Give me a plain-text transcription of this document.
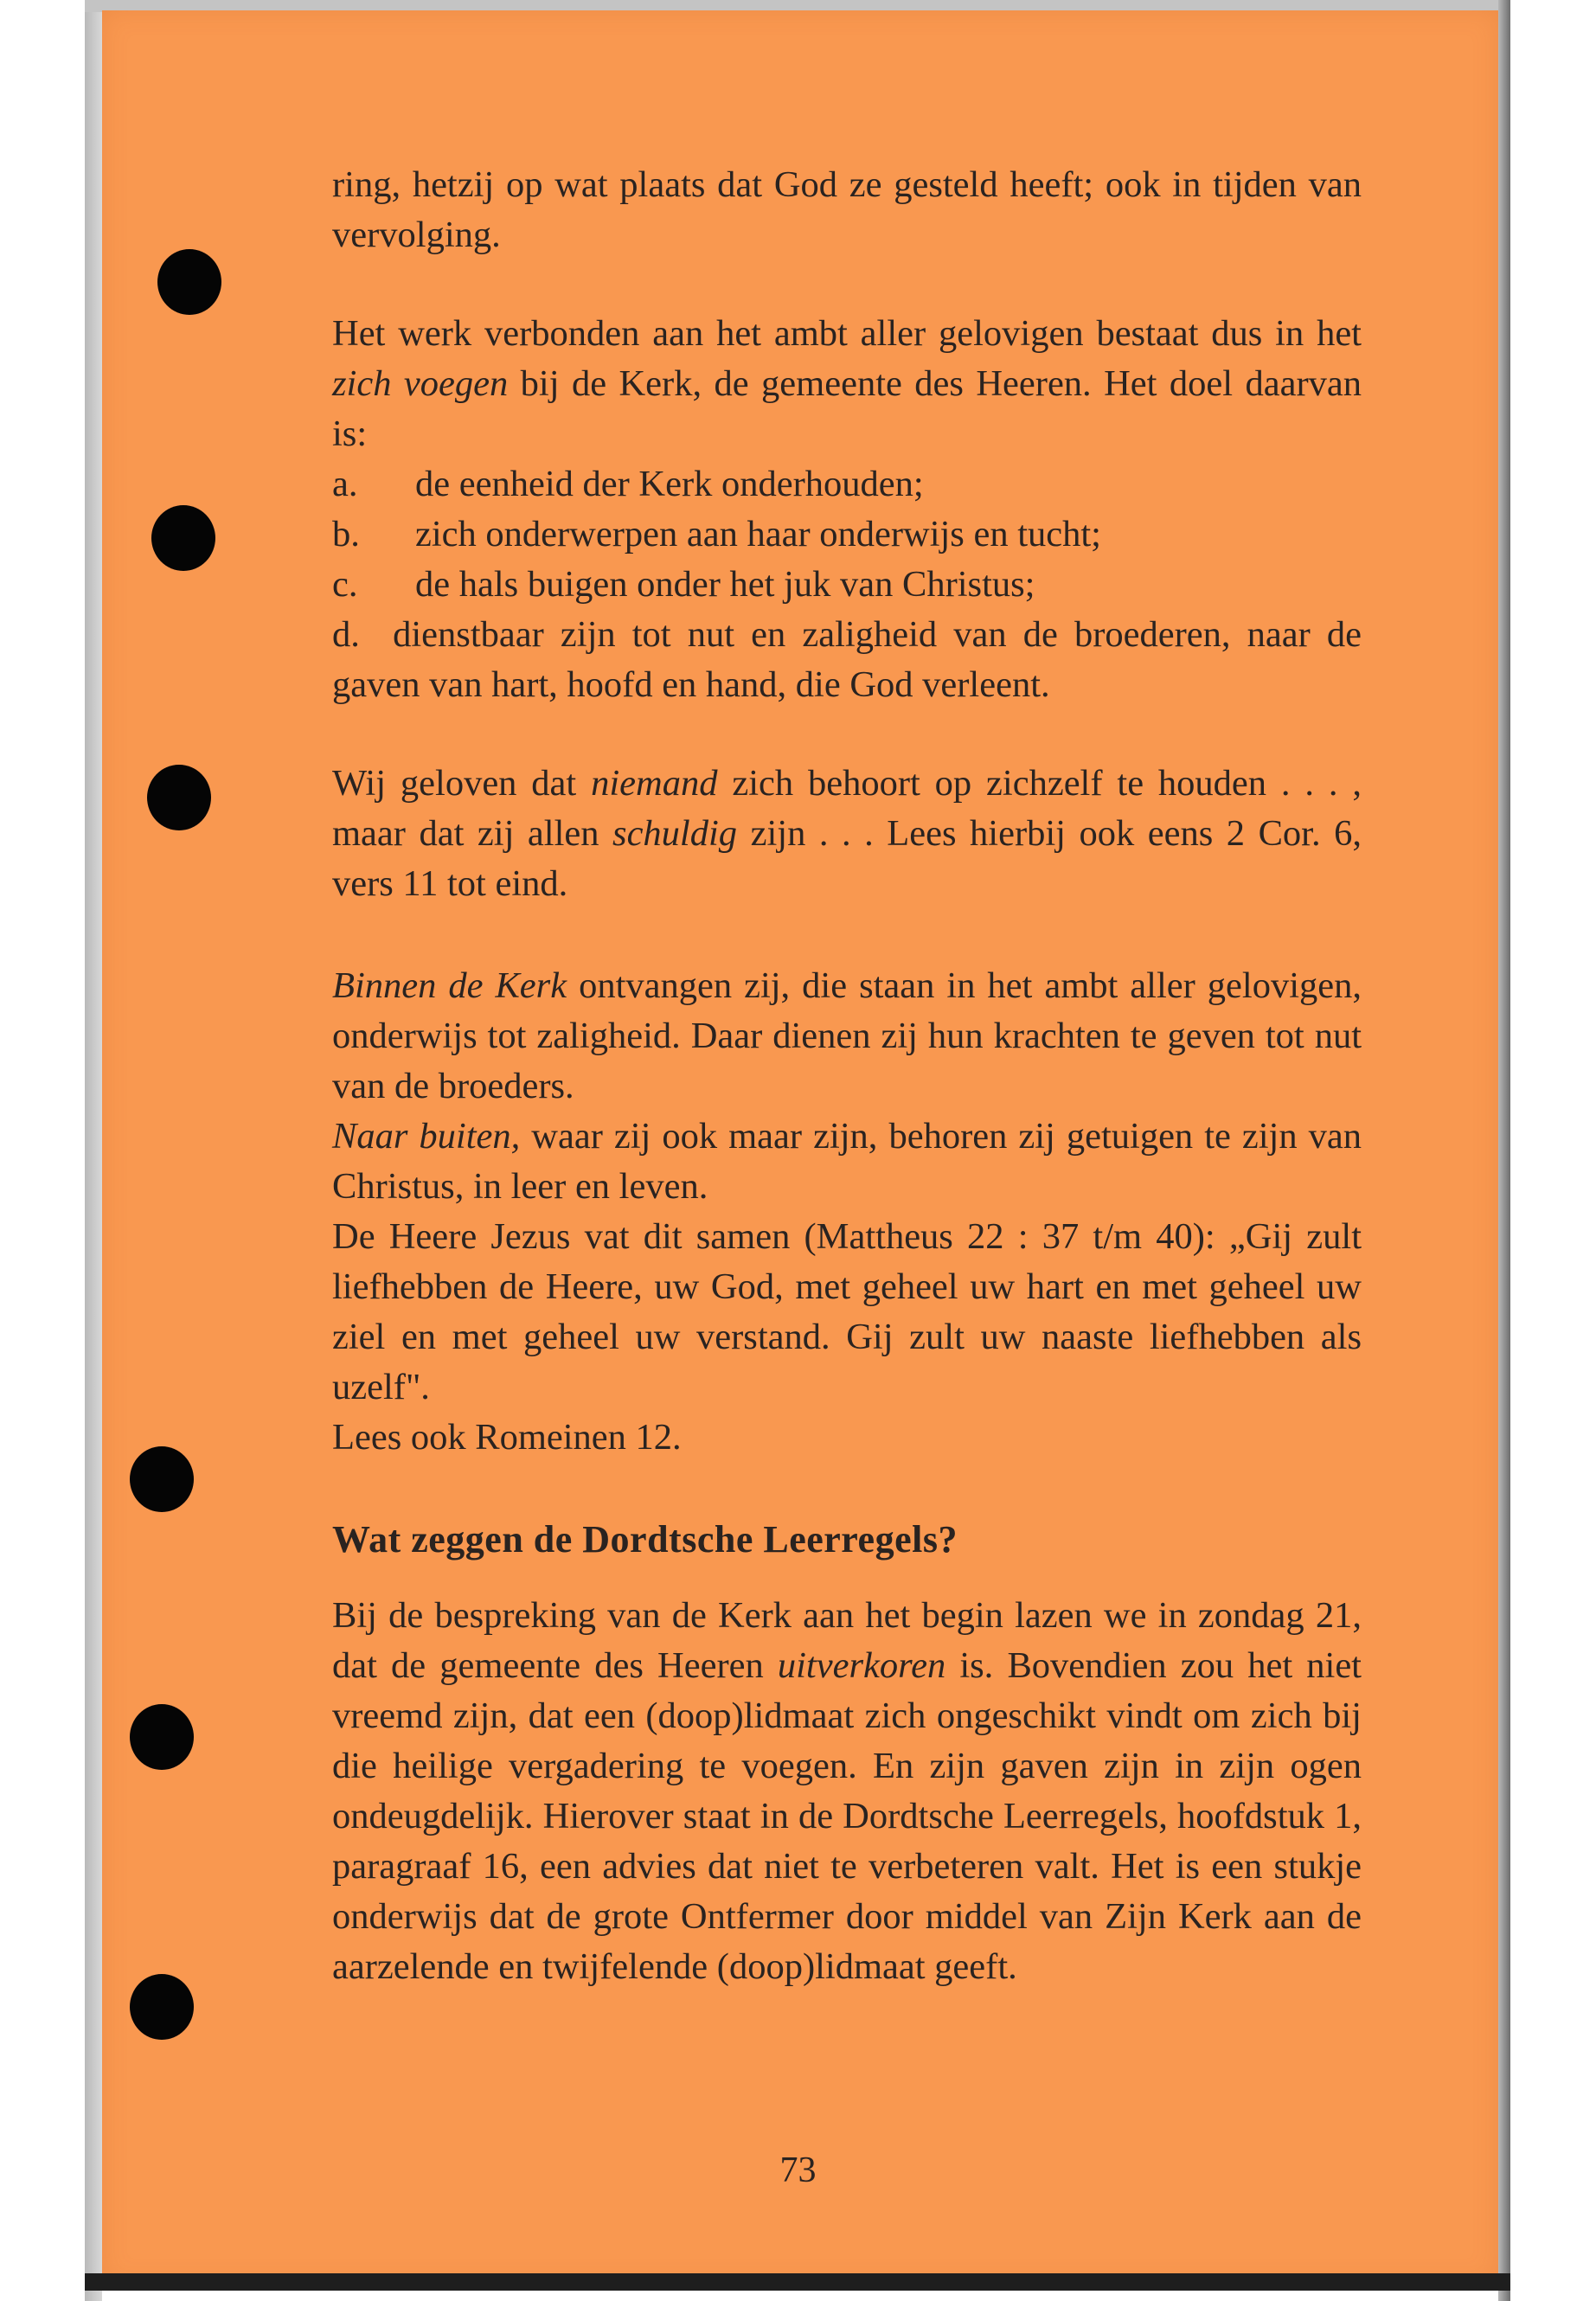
ring, hetzij op wat plaats dat God ze gesteld heeft; ook in tijden van vervolging.

Het werk verbonden aan het ambt aller gelovigen bestaat dus in het zich voegen bij de Kerk, de gemeente des Heeren. Het doel daarvan is:

a.	de eenheid der Kerk onderhouden;
b.	zich onderwerpen aan haar onderwijs en tucht;
c.	de hals buigen onder het juk van Christus;

d. dienstbaar zijn tot nut en zaligheid van de broederen, naar de gaven van hart, hoofd en hand, die God verleent.

Wij geloven dat niemand zich behoort op zichzelf te houden . . . , maar dat zij allen schuldig zijn . . . Lees hierbij ook eens 2 Cor. 6, vers 11 tot eind.

Binnen de Kerk ontvangen zij, die staan in het ambt aller gelovigen, onderwijs tot zaligheid. Daar dienen zij hun krachten te geven tot nut van de broeders.

Naar buiten, waar zij ook maar zijn, behoren zij getuigen te zijn van Christus, in leer en leven.

De Heere Jezus vat dit samen (Mattheus 22 : 37 t/m 40): „Gij zult liefhebben de Heere, uw God, met geheel uw hart en met geheel uw ziel en met geheel uw verstand. Gij zult uw naaste liefhebben als uzelf".

Lees ook Romeinen 12.

Wat zeggen de Dordtsche Leerregels?

Bij de bespreking van de Kerk aan het begin lazen we in zondag 21, dat de gemeente des Heeren uitverkoren is. Bovendien zou het niet vreemd zijn, dat een (doop)lidmaat zich ongeschikt vindt om zich bij die heilige vergadering te voegen. En zijn gaven zijn in zijn ogen ondeugdelijk. Hierover staat in de Dordtsche Leerregels, hoofdstuk 1, paragraaf 16, een advies dat niet te verbeteren valt. Het is een stukje onderwijs dat de grote Ontfermer door middel van Zijn Kerk aan de aarzelende en twijfelende (doop)lidmaat geeft.

73
